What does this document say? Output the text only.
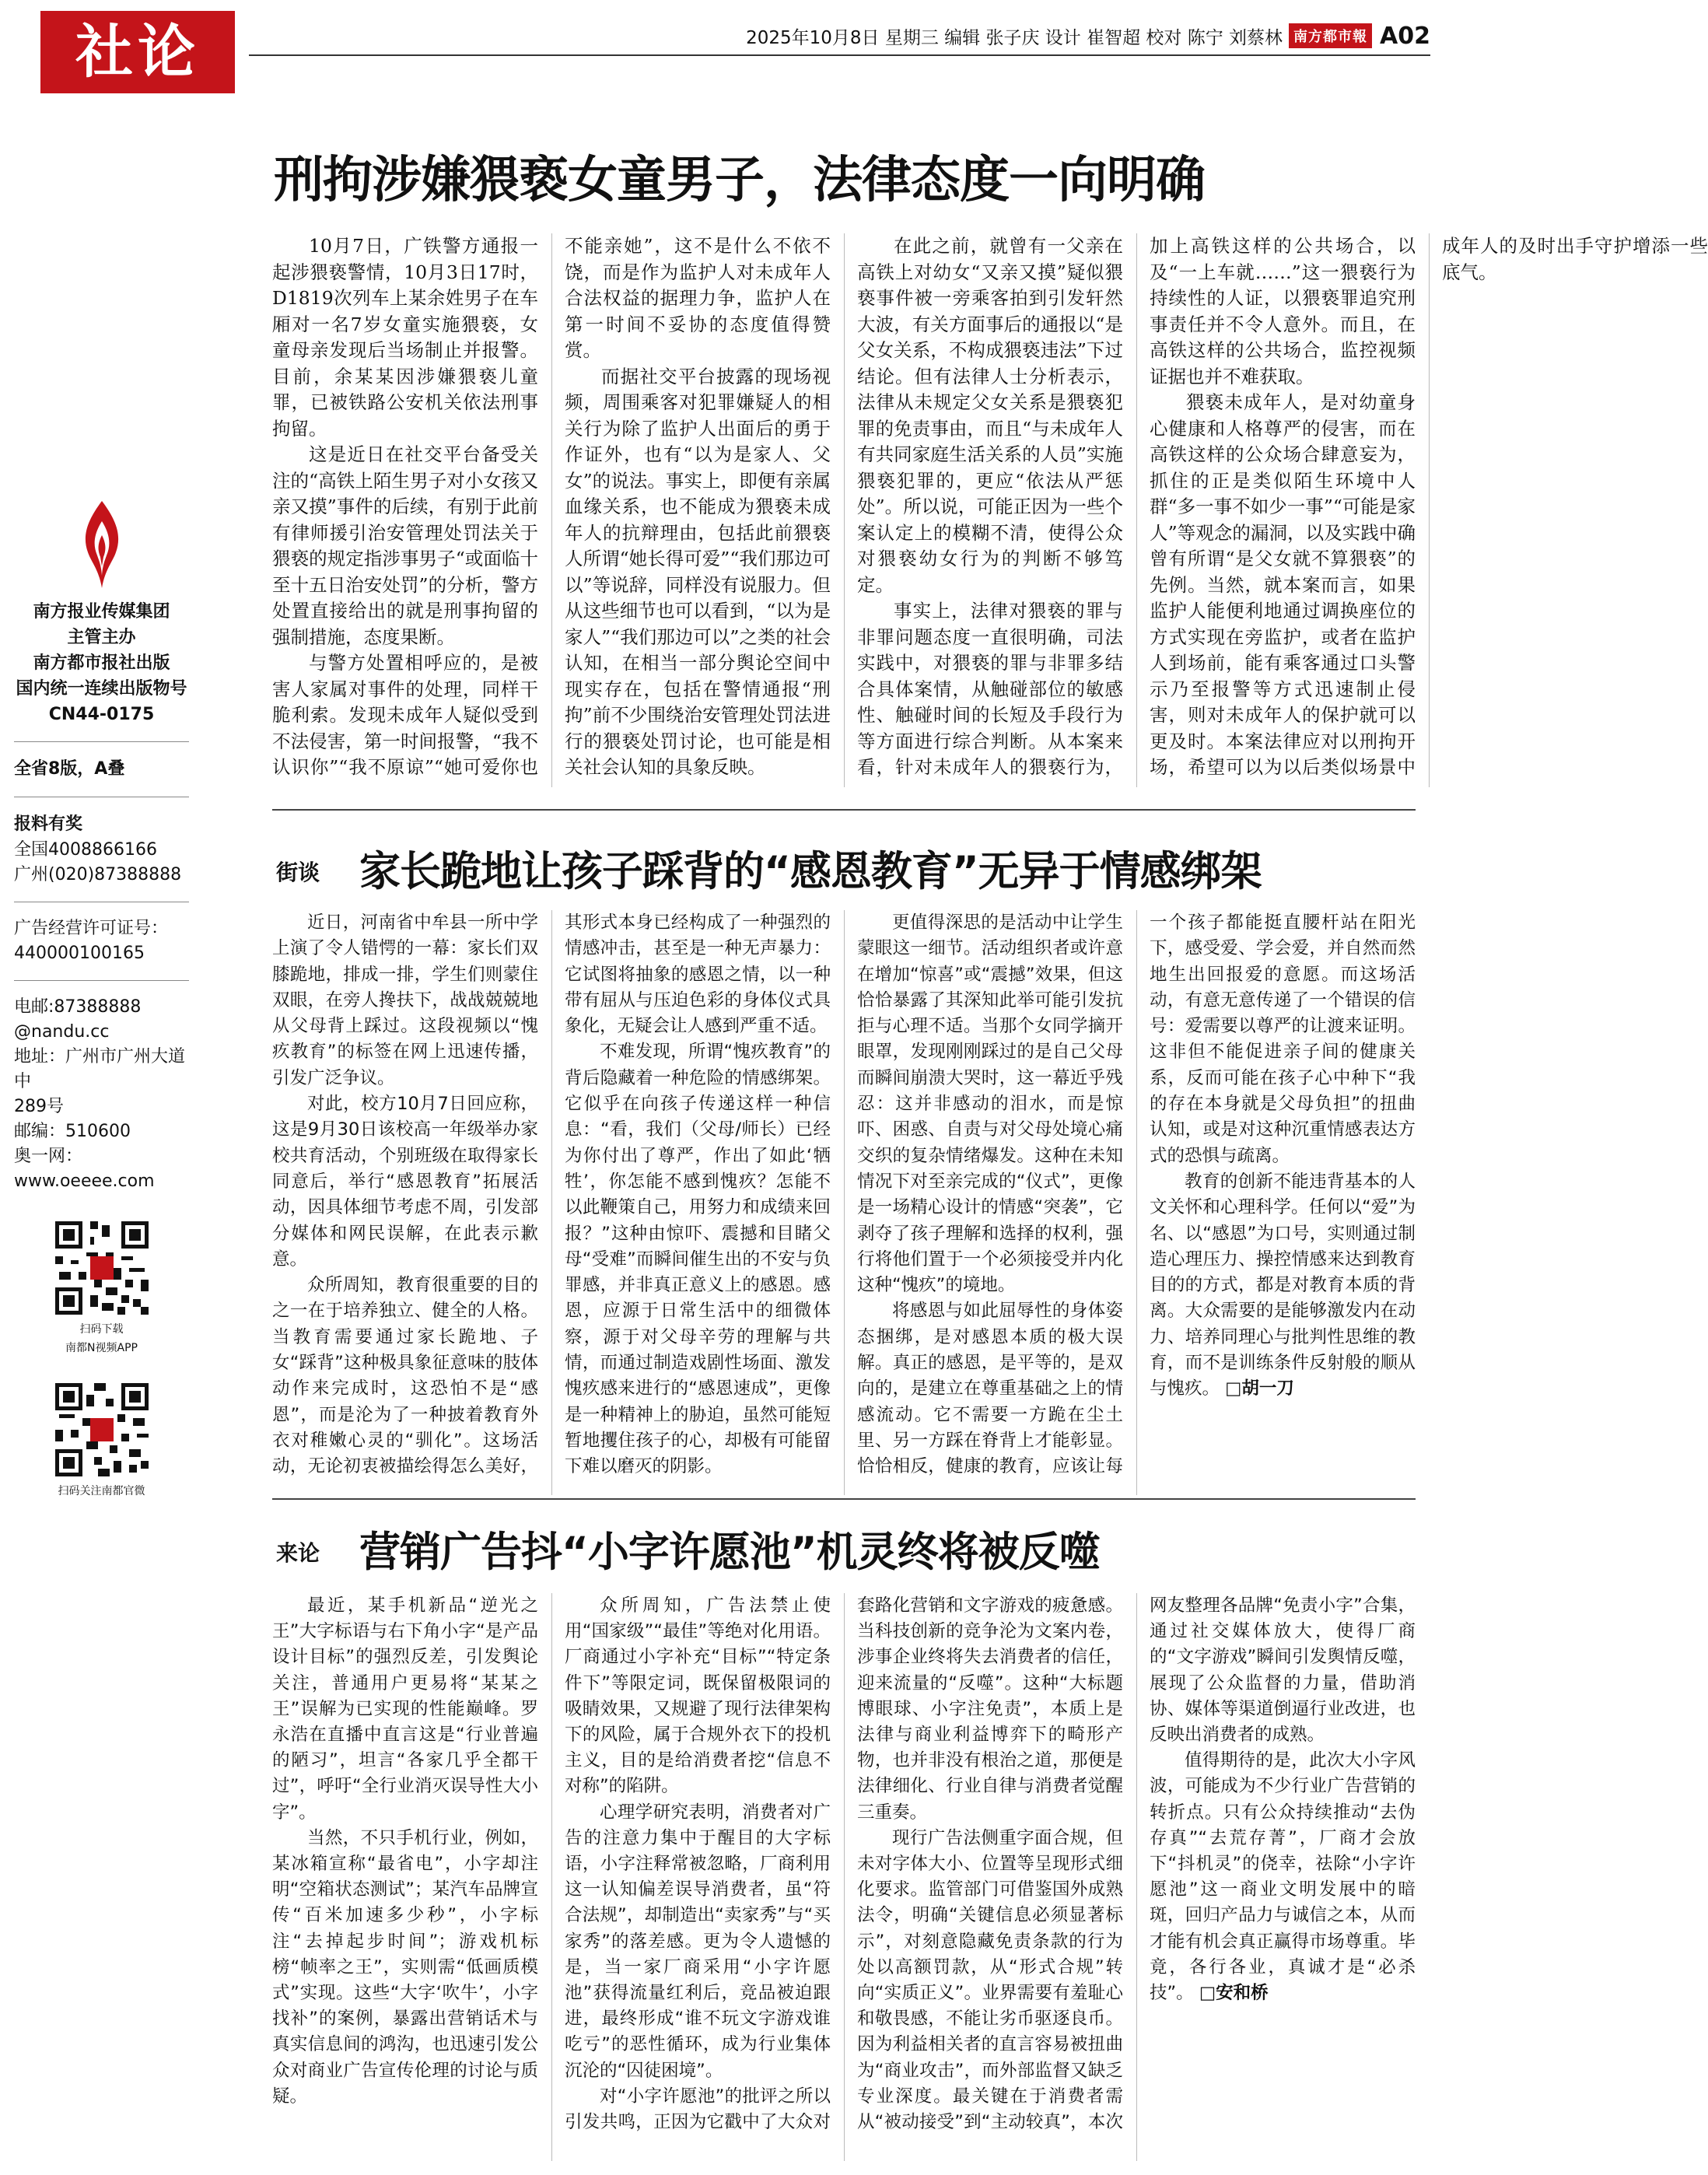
社论	2025年10月8日 星期三 编辑 张子庆 设计 崔智超 校对 陈宁 刘蔡林 南方都市報 A02
南方报业传媒集团
主管主办
南方都市报社出版
国内统一连续出版物号
CN44-0175
全省8版，A叠
报料有奖
全国4008866166
广州(020)87388888
广告经营许可证号：
440000100165
电邮:87388888
@nandu.cc
地址：广州市广州大道中
289号
邮编：510600
奥一网：
www.oeeee.com
扫码下载
南都N视频APP
扫码关注南都官微
刑拘涉嫌猥亵女童男子，法律态度一向明确

10月7日，广铁警方通报一起涉猥亵警情，10月3日17时，D1819次列车上某余姓男子在车厢对一名7岁女童实施猥亵，女童母亲发现后当场制止并报警。目前，余某某因涉嫌猥亵儿童罪，已被铁路公安机关依法刑事拘留。

这是近日在社交平台备受关注的“高铁上陌生男子对小女孩又亲又摸”事件的后续，有别于此前有律师援引治安管理处罚法关于猥亵的规定指涉事男子“或面临十至十五日治安处罚”的分析，警方处置直接给出的就是刑事拘留的强制措施，态度果断。

与警方处置相呼应的，是被害人家属对事件的处理，同样干脆利索。发现未成年人疑似受到不法侵害，第一时间报警，“我不认识你”“我不原谅”“她可爱你也不能亲她”，这不是什么不依不饶，而是作为监护人对未成年人合法权益的据理力争，监护人在第一时间不妥协的态度值得赞赏。

而据社交平台披露的现场视频，周围乘客对犯罪嫌疑人的相关行为除了监护人出面后的勇于作证外，也有“以为是家人、父女”的说法。事实上，即便有亲属血缘关系，也不能成为猥亵未成年人的抗辩理由，包括此前猥亵人所谓“她长得可爱”“我们那边可以”等说辞，同样没有说服力。但从这些细节也可以看到，“以为是家人”“我们那边可以”之类的社会认知，在相当一部分舆论空间中现实存在，包括在警情通报“刑拘”前不少围绕治安管理处罚法进行的猥亵处罚讨论，也可能是相关社会认知的具象反映。

在此之前，就曾有一父亲在高铁上对幼女“又亲又摸”疑似猥亵事件被一旁乘客拍到引发轩然大波，有关方面事后的通报以“是父女关系，不构成猥亵违法”下过结论。但有法律人士分析表示，法律从未规定父女关系是猥亵犯罪的免责事由，而且“与未成年人有共同家庭生活关系的人员”实施猥亵犯罪的，更应“依法从严惩处”。所以说，可能正因为一些个案认定上的模糊不清，使得公众对猥亵幼女行为的判断不够笃定。

事实上，法律对猥亵的罪与非罪问题态度一直很明确，司法实践中，对猥亵的罪与非罪多结合具体案情，从触碰部位的敏感性、触碰时间的长短及手段行为等方面进行综合判断。从本案来看，针对未成年人的猥亵行为，加上高铁这样的公共场合，以及“一上车就……”这一猥亵行为持续性的人证，以猥亵罪追究刑事责任并不令人意外。而且，在高铁这样的公共场合，监控视频证据也并不难获取。

猥亵未成年人，是对幼童身心健康和人格尊严的侵害，而在高铁这样的公众场合肆意妄为，抓住的正是类似陌生环境中人群“多一事不如少一事”“可能是家人”等观念的漏洞，以及实践中确曾有所谓“是父女就不算猥亵”的先例。当然，就本案而言，如果监护人能便利地通过调换座位的方式实现在旁监护，或者在监护人到场前，能有乘客通过口头警示乃至报警等方式迅速制止侵害，则对未成年人的保护就可以更及时。本案法律应对以刑拘开场，希望可以为以后类似场景中成年人的及时出手守护增添一些底气。

街谈 家长跪地让孩子踩背的“感恩教育”无异于情感绑架

近日，河南省中牟县一所中学上演了令人错愕的一幕：家长们双膝跪地，排成一排，学生们则蒙住双眼，在旁人搀扶下，战战兢兢地从父母背上踩过。这段视频以“愧疚教育”的标签在网上迅速传播，引发广泛争议。

对此，校方10月7日回应称，这是9月30日该校高一年级举办家校共育活动，个别班级在取得家长同意后，举行“感恩教育”拓展活动，因具体细节考虑不周，引发部分媒体和网民误解，在此表示歉意。

众所周知，教育很重要的目的之一在于培养独立、健全的人格。当教育需要通过家长跪地、子女“踩背”这种极具象征意味的肢体动作来完成时，这恐怕不是“感恩”，而是沦为了一种披着教育外衣对稚嫩心灵的“驯化”。这场活动，无论初衷被描绘得怎么美好，其形式本身已经构成了一种强烈的情感冲击，甚至是一种无声暴力：它试图将抽象的感恩之情，以一种带有屈从与压迫色彩的身体仪式具象化，无疑会让人感到严重不适。

不难发现，所谓“愧疚教育”的背后隐藏着一种危险的情感绑架。它似乎在向孩子传递这样一种信息：“看，我们（父母/师长）已经为你付出了尊严，作出了如此‘牺牲’，你怎能不感到愧疚？怎能不以此鞭策自己，用努力和成绩来回报？”这种由惊吓、震撼和目睹父母“受难”而瞬间催生出的不安与负罪感，并非真正意义上的感恩。感恩，应源于日常生活中的细微体察，源于对父母辛劳的理解与共情，而通过制造戏剧性场面、激发愧疚感来进行的“感恩速成”，更像是一种精神上的胁迫，虽然可能短暂地攫住孩子的心，却极有可能留下难以磨灭的阴影。

更值得深思的是活动中让学生蒙眼这一细节。活动组织者或许意在增加“惊喜”或“震撼”效果，但这恰恰暴露了其深知此举可能引发抗拒与心理不适。当那个女同学摘开眼罩，发现刚刚踩过的是自己父母而瞬间崩溃大哭时，这一幕近乎残忍：这并非感动的泪水，而是惊吓、困惑、自责与对父母处境心痛交织的复杂情绪爆发。这种在未知情况下对至亲完成的“仪式”，更像是一场精心设计的情感“突袭”，它剥夺了孩子理解和选择的权利，强行将他们置于一个必须接受并内化这种“愧疚”的境地。

将感恩与如此屈辱性的身体姿态捆绑，是对感恩本质的极大误解。真正的感恩，是平等的，是双向的，是建立在尊重基础之上的情感流动。它不需要一方跪在尘土里、另一方踩在脊背上才能彰显。恰恰相反，健康的教育，应该让每一个孩子都能挺直腰杆站在阳光下，感受爱、学会爱，并自然而然地生出回报爱的意愿。而这场活动，有意无意传递了一个错误的信号：爱需要以尊严的让渡来证明。这非但不能促进亲子间的健康关系，反而可能在孩子心中种下“我的存在本身就是父母负担”的扭曲认知，或是对这种沉重情感表达方式的恐惧与疏离。

教育的创新不能违背基本的人文关怀和心理科学。任何以“爱”为名、以“感恩”为口号，实则通过制造心理压力、操控情感来达到教育目的的方式，都是对教育本质的背离。大众需要的是能够激发内在动力、培养同理心与批判性思维的教育，而不是训练条件反射般的顺从与愧疚。 □胡一刀

来论 营销广告抖“小字许愿池”机灵终将被反噬

最近，某手机新品“逆光之王”大字标语与右下角小字“是产品设计目标”的强烈反差，引发舆论关注，普通用户更易将“某某之王”误解为已实现的性能巅峰。罗永浩在直播中直言这是“行业普遍的陋习”，坦言“各家几乎全都干过”，呼吁“全行业消灭误导性大小字”。

当然，不只手机行业，例如，某冰箱宣称“最省电”，小字却注明“空箱状态测试”；某汽车品牌宣传“百米加速多少秒”，小字标注“去掉起步时间”；游戏机标榜“帧率之王”，实则需“低画质模式”实现。这些“大字‘吹牛’，小字找补”的案例，暴露出营销话术与真实信息间的鸿沟，也迅速引发公众对商业广告宣传伦理的讨论与质疑。

众所周知，广告法禁止使用“国家级”“最佳”等绝对化用语。厂商通过小字补充“目标”“特定条件下”等限定词，既保留极限词的吸睛效果，又规避了现行法律架构下的风险，属于合规外衣下的投机主义，目的是给消费者挖“信息不对称”的陷阱。

心理学研究表明，消费者对广告的注意力集中于醒目的大字标语，小字注释常被忽略，厂商利用这一认知偏差误导消费者，虽“符合法规”，却制造出“卖家秀”与“买家秀”的落差感。更为令人遗憾的是，当一家厂商采用“小字许愿池”获得流量红利后，竞品被迫跟进，最终形成“谁不玩文字游戏谁吃亏”的恶性循环，成为行业集体沉沦的“囚徒困境”。

对“小字许愿池”的批评之所以引发共鸣，正因为它戳中了大众对套路化营销和文字游戏的疲惫感。当科技创新的竞争沦为文案内卷，涉事企业终将失去消费者的信任，迎来流量的“反噬”。这种“大标题博眼球、小字注免责”，本质上是法律与商业利益博弈下的畸形产物，也并非没有根治之道，那便是法律细化、行业自律与消费者觉醒三重奏。

现行广告法侧重字面合规，但未对字体大小、位置等呈现形式细化要求。监管部门可借鉴国外成熟法令，明确“关键信息必须显著标示”，对刻意隐藏免责条款的行为处以高额罚款，从“形式合规”转向“实质正义”。业界需要有羞耻心和敬畏感，不能让劣币驱逐良币。因为利益相关者的直言容易被扭曲为“商业攻击”，而外部监督又缺乏专业深度。最关键在于消费者需从“被动接受”到“主动较真”，本次网友整理各品牌“免责小字”合集，通过社交媒体放大，使得厂商的“文字游戏”瞬间引发舆情反噬，展现了公众监督的力量，借助消协、媒体等渠道倒逼行业改进，也反映出消费者的成熟。

值得期待的是，此次大小字风波，可能成为不少行业广告营销的转折点。只有公众持续推动“去伪存真”“去荒存菁”，厂商才会放下“抖机灵”的侥幸，祛除“小字许愿池”这一商业文明发展中的暗斑，回归产品力与诚信之本，从而才能有机会真正赢得市场尊重。毕竟，各行各业，真诚才是“必杀技”。 □安和桥
